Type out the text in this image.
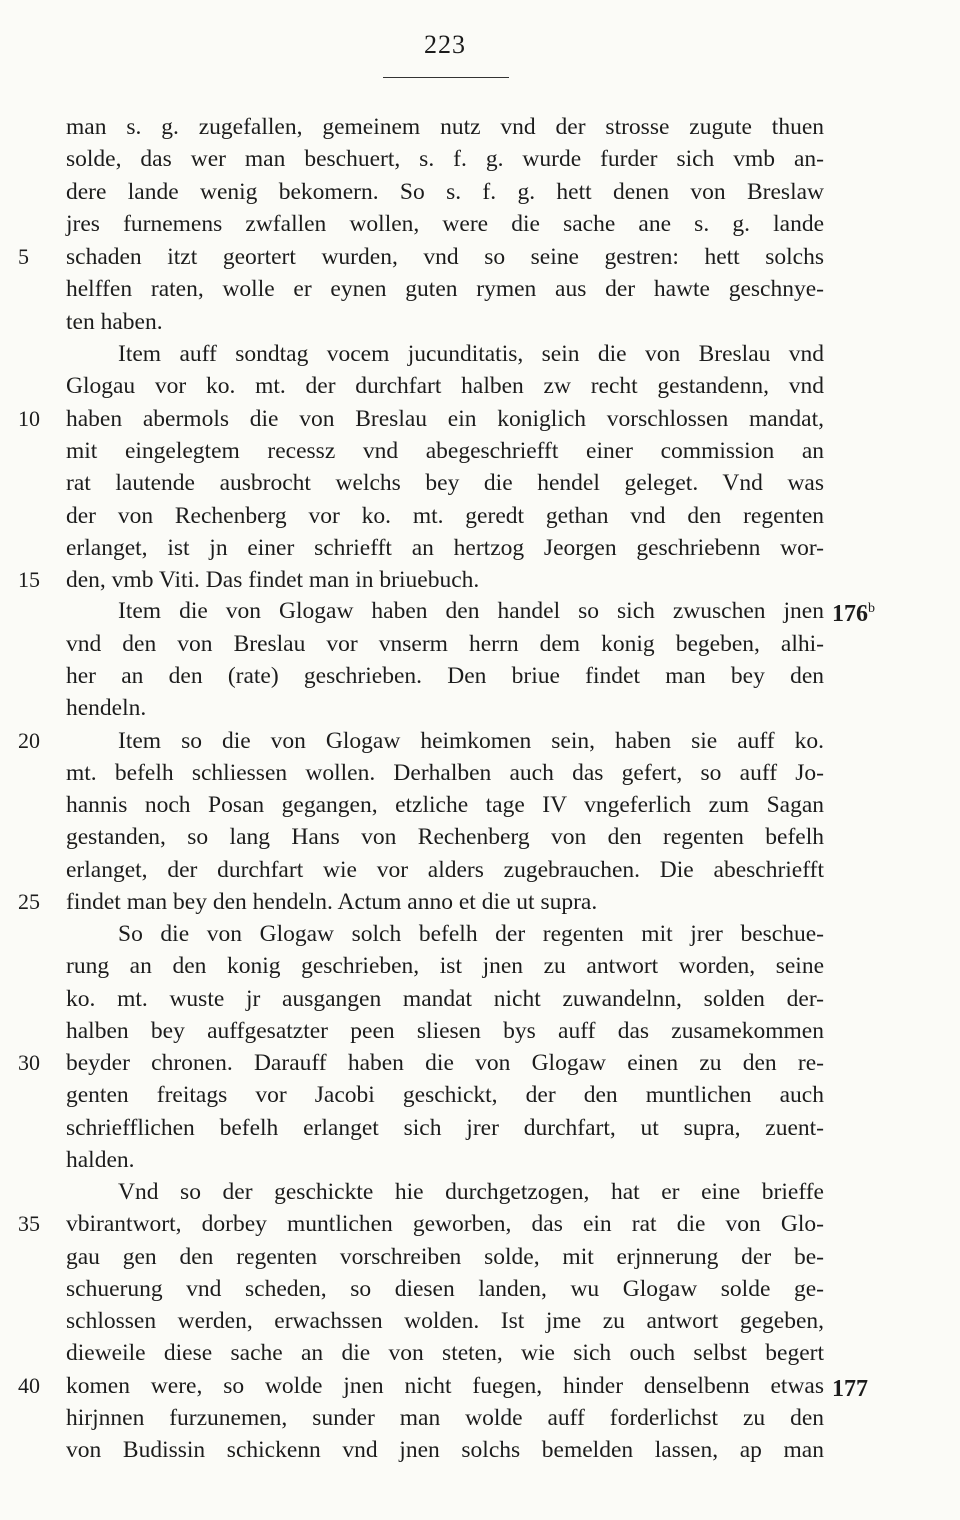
223
man s. g. zugefallen, gemeinem nutz vnd der strosse zugute thuen
solde, das wer man beschuert, s. f. g. wurde furder sich vmb an-
dere lande wenig bekomern. So s. f. g. hett denen von Breslaw
jres furnemens zwfallen wollen, were die sache ane s. g. lande
5	schaden itzt geortert wurden, vnd so seine gestren: hett solchs
helffen raten, wolle er eynen guten rymen aus der hawte geschnye-
ten haben.
Item auff sondtag vocem jucunditatis, sein die von Breslau vnd
Glogau vor ko. mt. der durchfart halben zw recht gestandenn, vnd
10	haben abermols die von Breslau ein koniglich vorschlossen mandat,
mit eingelegtem recessz vnd abegeschriefft einer commission an
rat lautende ausbrocht welchs bey die hendel geleget. Vnd was
der von Rechenberg vor ko. mt. geredt gethan vnd den regenten
erlanget, ist jn einer schriefft an hertzog Jeorgen geschriebenn wor-
15	den, vmb Viti. Das findet man in briuebuch.
Item die von Glogaw haben den handel so sich zwuschen jnen 176$^b$
vnd den von Breslau vor vnserm herrn dem konig begeben, alhi-
her an den (rate) geschrieben. Den briue findet man bey den
hendeln.
20	Item so die von Glogaw heimkomen sein, haben sie auff ko.
mt. befelh schliessen wollen. Derhalben auch das gefert, so auff Jo-
hannis noch Posan gegangen, etzliche tage IV vngeferlich zum Sagan
gestanden, so lang Hans von Rechenberg von den regenten befelh
erlanget, der durchfart wie vor alders zugebrauchen. Die abeschriefft
25	findet man bey den hendeln. Actum anno et die ut supra.
So die von Glogaw solch befelh der regenten mit jrer beschue-
rung an den konig geschrieben, ist jnen zu antwort worden, seine
ko. mt. wuste jr ausgangen mandat nicht zuwandelnn, solden der-
halben bey auffgesatzter peen sliesen bys auff das zusamekommen
30	beyder chronen. Darauff haben die von Glogaw einen zu den re-
genten freitags vor Jacobi geschickt, der den muntlichen auch
schriefflichen befelh erlanget sich jrer durchfart, ut supra, zuent-
halden.
Vnd so der geschickte hie durchgetzogen, hat er eine brieffe
35	vbirantwort, dorbey muntlichen geworben, das ein rat die von Glo-
gau gen den regenten vorschreiben solde, mit erjnnerung der be-
schuerung vnd scheden, so diesen landen, wu Glogaw solde ge-
schlossen werden, erwachssen wolden. Ist jme zu antwort gegeben,
dieweile diese sache an die von steten, wie sich ouch selbst begert
40	komen were, so wolde jnen nicht fuegen, hinder denselbenn etwas 177
hirjnnen furzunemen, sunder man wolde auff forderlichst zu den
von Budissin schickenn vnd jnen solchs bemelden lassen, ap man
